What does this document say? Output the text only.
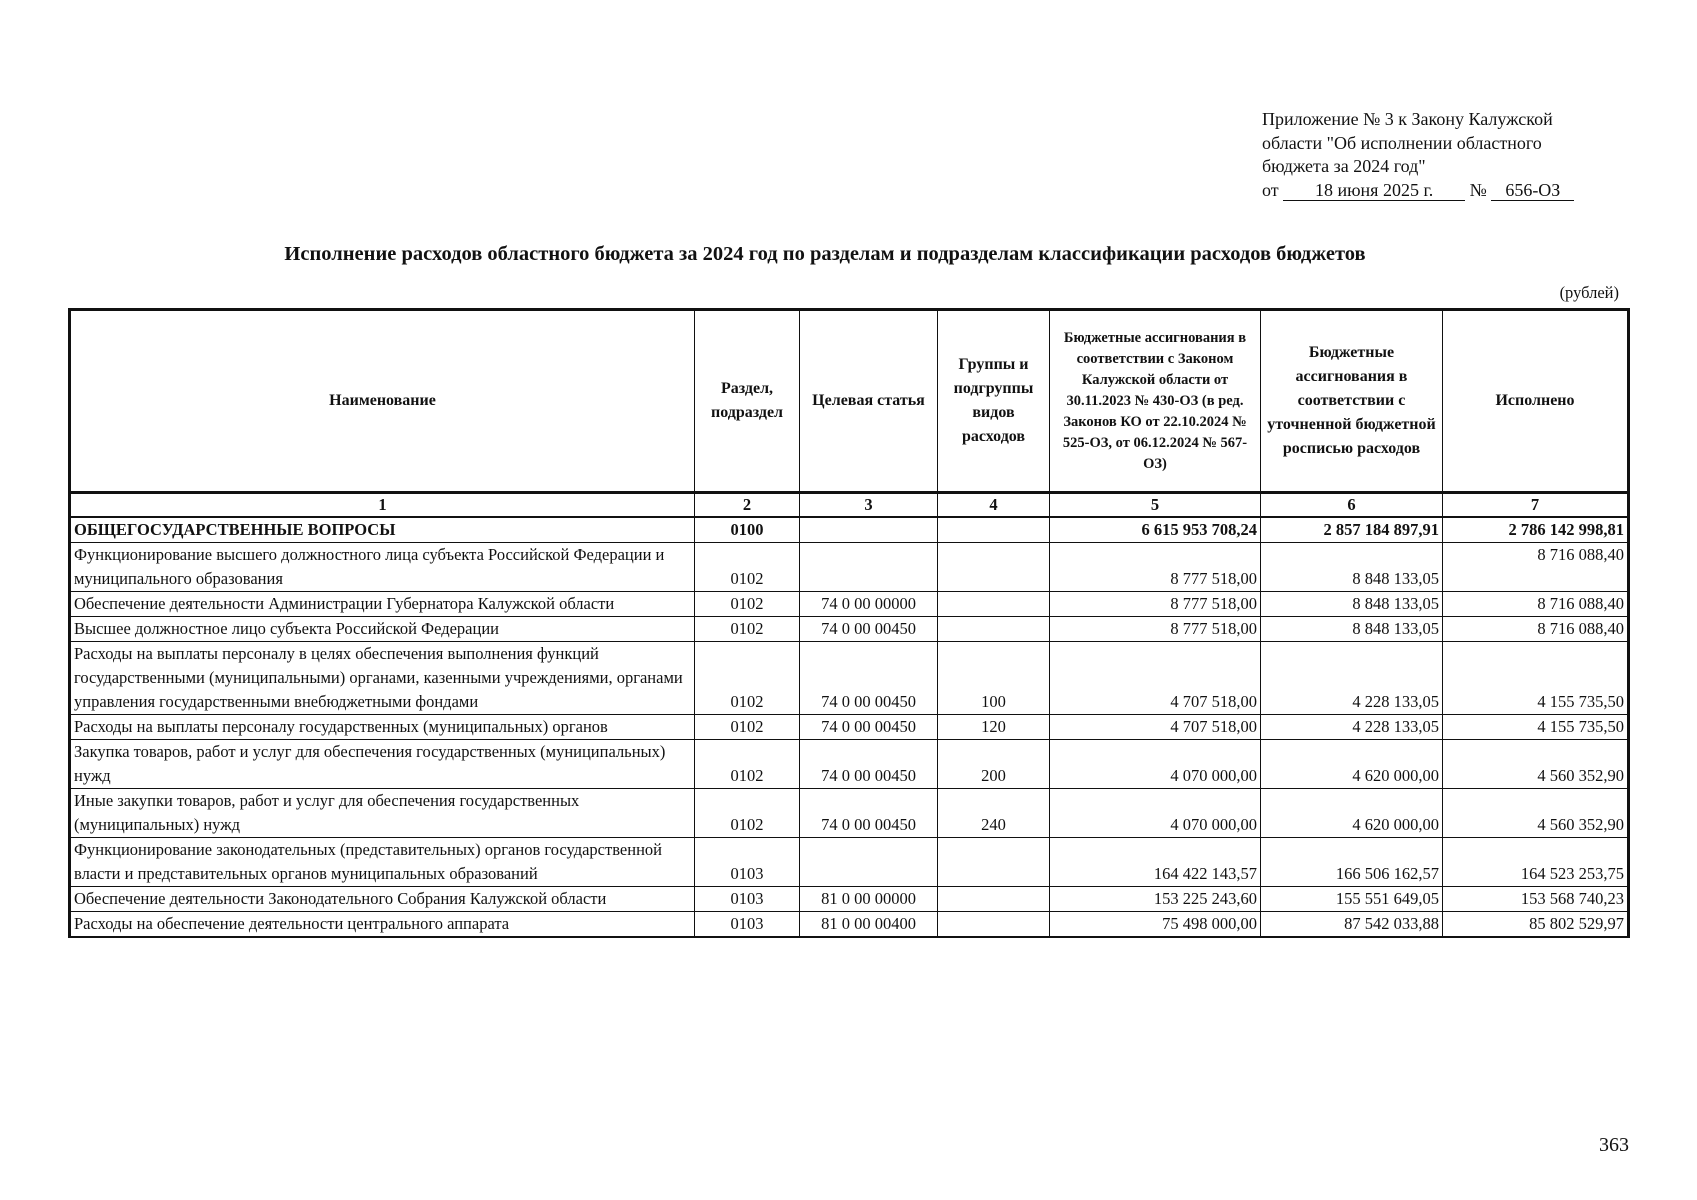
Приложение № 3 к Закону Калужской
области "Об исполнении областного
бюджета за 2024 год"
от 18 июня 2025 г. № 656-ОЗ
Исполнение расходов областного бюджета за 2024 год по разделам и подразделам классификации расходов бюджетов
(рублей)
Наименование	Раздел, подраздел	Целевая статья	Группы и подгруппы видов расходов	Бюджетные ассигнования в соответствии с Законом Калужской области от 30.11.2023 № 430-ОЗ (в ред. Законов КО от 22.10.2024 № 525-ОЗ, от 06.12.2024 № 567-ОЗ)	Бюджетные ассигнования в соответствии с уточненной бюджетной росписью расходов	Исполнено
1	2	3	4	5	6	7
ОБЩЕГОСУДАРСТВЕННЫЕ ВОПРОСЫ	0100			6 615 953 708,24	2 857 184 897,91	2 786 142 998,81
Функционирование высшего должностного лица субъекта Российской Федерации и муниципального образования	0102			8 777 518,00	8 848 133,05	8 716 088,40
Обеспечение деятельности Администрации Губернатора Калужской области	0102	74 0 00 00000		8 777 518,00	8 848 133,05	8 716 088,40
Высшее должностное лицо субъекта Российской Федерации	0102	74 0 00 00450		8 777 518,00	8 848 133,05	8 716 088,40
Расходы на выплаты персоналу в целях обеспечения выполнения функций государственными (муниципальными) органами, казенными учреждениями, органами управления государственными внебюджетными фондами	0102	74 0 00 00450	100	4 707 518,00	4 228 133,05	4 155 735,50
Расходы на выплаты персоналу государственных (муниципальных) органов	0102	74 0 00 00450	120	4 707 518,00	4 228 133,05	4 155 735,50
Закупка товаров, работ и услуг для обеспечения государственных (муниципальных) нужд	0102	74 0 00 00450	200	4 070 000,00	4 620 000,00	4 560 352,90
Иные закупки товаров, работ и услуг для обеспечения государственных (муниципальных) нужд	0102	74 0 00 00450	240	4 070 000,00	4 620 000,00	4 560 352,90
Функционирование законодательных (представительных) органов государственной власти и представительных органов муниципальных образований	0103			164 422 143,57	166 506 162,57	164 523 253,75
Обеспечение деятельности Законодательного Собрания Калужской области	0103	81 0 00 00000		153 225 243,60	155 551 649,05	153 568 740,23
Расходы на обеспечение деятельности центрального аппарата	0103	81 0 00 00400		75 498 000,00	87 542 033,88	85 802 529,97
363
